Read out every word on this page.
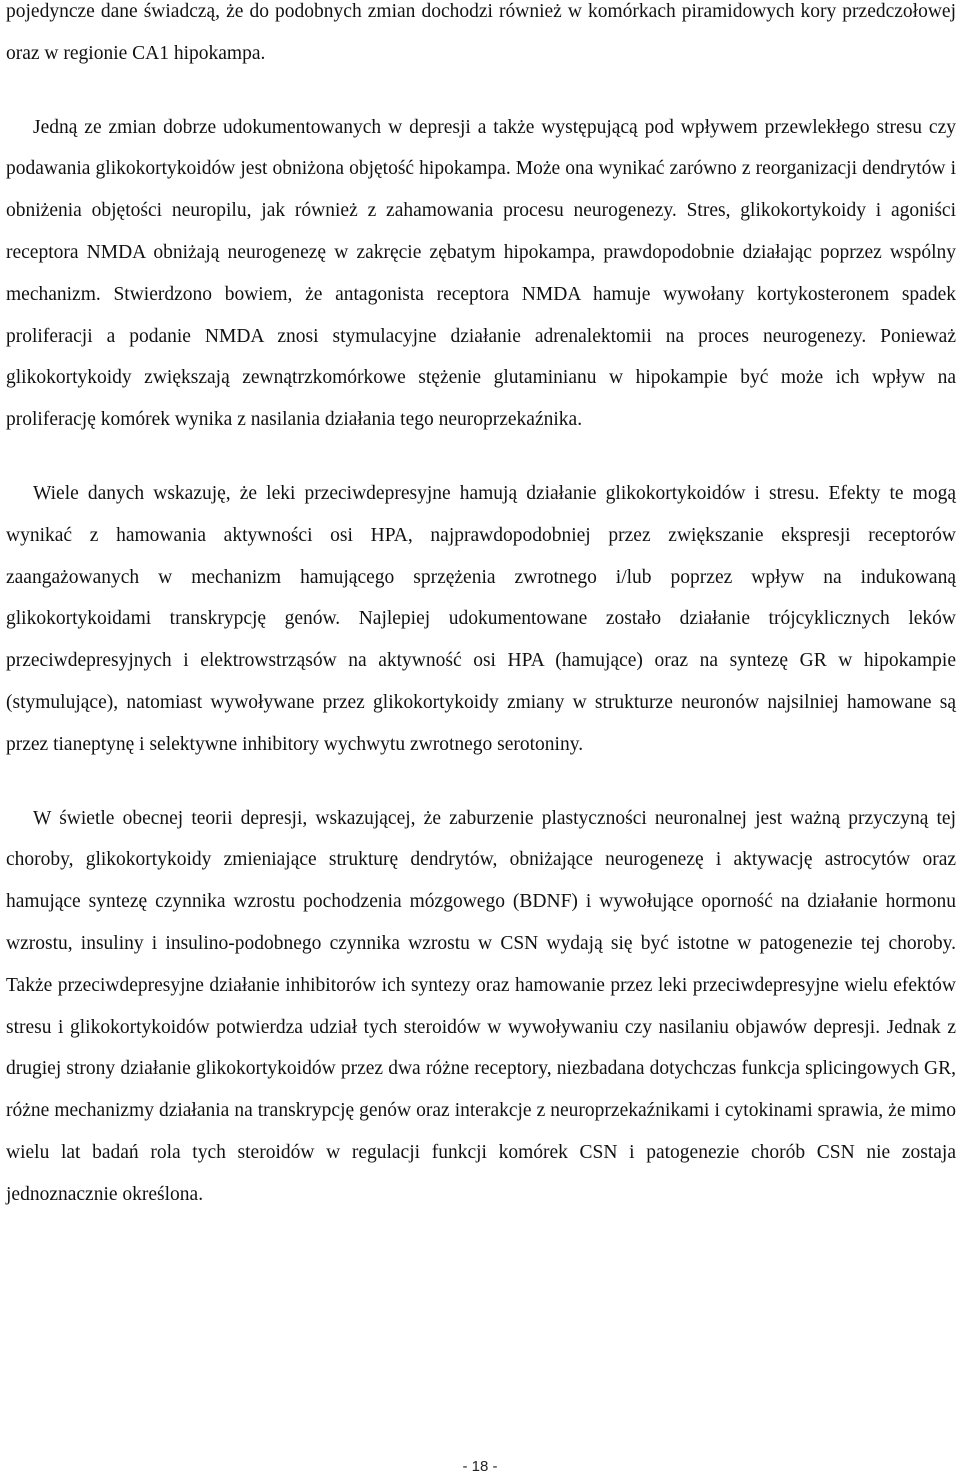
pojedyncze dane świadczą, że do podobnych zmian dochodzi również w komórkach piramidowych kory przedczołowej oraz w regionie CA1 hipokampa.

Jedną ze zmian dobrze udokumentowanych w depresji a także występującą pod wpływem przewlekłego stresu czy podawania glikokortykoidów jest obniżona objętość hipokampa. Może ona wynikać zarówno z reorganizacji dendrytów i obniżenia objętości neuropilu, jak również z zahamowania procesu neurogenezy. Stres, glikokortykoidy i agoniści receptora NMDA obniżają neurogenezę w zakręcie zębatym hipokampa, prawdopodobnie działając poprzez wspólny mechanizm. Stwierdzono bowiem, że antagonista receptora NMDA hamuje wywołany kortykosteronem spadek proliferacji a podanie NMDA znosi stymulacyjne działanie adrenalektomii na proces neurogenezy. Ponieważ glikokortykoidy zwiększają zewnątrzkomórkowe stężenie glutaminianu w hipokampie być może ich wpływ na proliferację komórek wynika z nasilania działania tego neuroprzekaźnika.

Wiele danych wskazuję, że leki przeciwdepresyjne hamują działanie glikokortykoidów i stresu. Efekty te mogą wynikać z hamowania aktywności osi HPA, najprawdopodobniej przez zwiększanie ekspresji receptorów zaangażowanych w mechanizm hamującego sprzężenia zwrotnego i/lub poprzez wpływ na indukowaną glikokortykoidami transkrypcję genów. Najlepiej udokumentowane zostało działanie trójcyklicznych leków przeciwdepresyjnych i elektrowstrząsów na aktywność osi HPA (hamujące) oraz na syntezę GR w hipokampie (stymulujące), natomiast wywoływane przez glikokortykoidy zmiany w strukturze neuronów najsilniej hamowane są przez tianeptynę i selektywne inhibitory wychwytu zwrotnego serotoniny.

W świetle obecnej teorii depresji, wskazującej, że zaburzenie plastyczności neuronalnej jest ważną przyczyną tej choroby, glikokortykoidy zmieniające strukturę dendrytów, obniżające neurogenezę i aktywację astrocytów oraz hamujące syntezę czynnika wzrostu pochodzenia mózgowego (BDNF) i wywołujące oporność na działanie hormonu wzrostu, insuliny i insulino-podobnego czynnika wzrostu w CSN wydają się być istotne w patogenezie tej choroby. Także przeciwdepresyjne działanie inhibitorów ich syntezy oraz hamowanie przez leki przeciwdepresyjne wielu efektów stresu i glikokortykoidów potwierdza udział tych steroidów w wywoływaniu czy nasilaniu objawów depresji. Jednak z drugiej strony działanie glikokortykoidów przez dwa różne receptory, niezbadana dotychczas funkcja splicingowych GR, różne mechanizmy działania na transkrypcję genów oraz interakcje z neuroprzekaźnikami i cytokinami sprawia, że mimo wielu lat badań rola tych steroidów w regulacji funkcji komórek CSN i patogenezie chorób CSN nie zostaja jednoznacznie określona.

- 18 -
